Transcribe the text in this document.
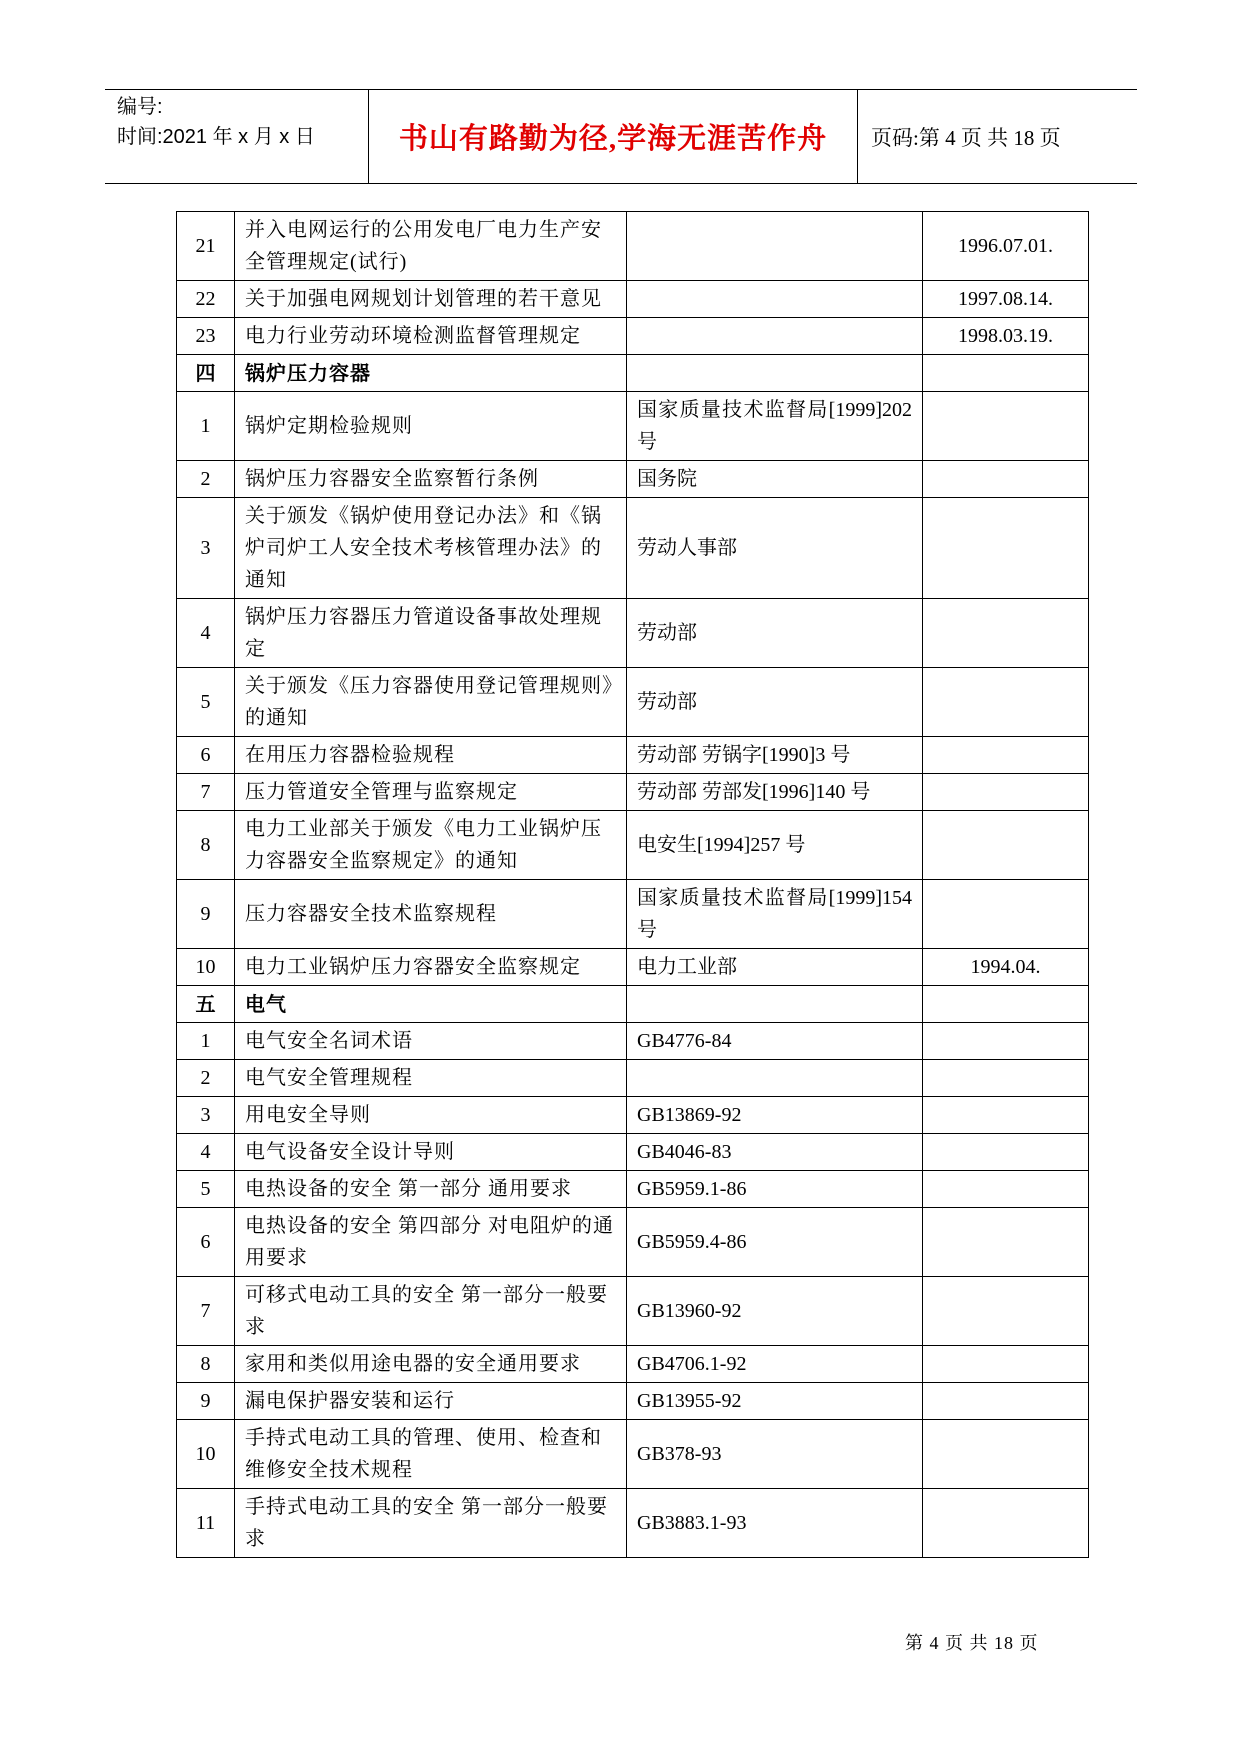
编号:
时间:2021 年 x 月 x 日	书山有路勤为径,学海无涯苦作舟	页码:第 4 页 共 18 页
21	并入电网运行的公用发电厂电力生产安全管理规定(试行)		1996.07.01.
22	关于加强电网规划计划管理的若干意见		1997.08.14.
23	电力行业劳动环境检测监督管理规定		1998.03.19.
四	锅炉压力容器		
1	锅炉定期检验规则	国家质量技术监督局[1999]202 号	
2	锅炉压力容器安全监察暂行条例	国务院	
3	关于颁发《锅炉使用登记办法》和《锅炉司炉工人安全技术考核管理办法》的通知	劳动人事部	
4	锅炉压力容器压力管道设备事故处理规定	劳动部	
5	关于颁发《压力容器使用登记管理规则》的通知	劳动部	
6	在用压力容器检验规程	劳动部 劳锅字[1990]3 号	
7	压力管道安全管理与监察规定	劳动部 劳部发[1996]140 号	
8	电力工业部关于颁发《电力工业锅炉压力容器安全监察规定》的通知	电安生[1994]257 号	
9	压力容器安全技术监察规程	国家质量技术监督局[1999]154 号	
10	电力工业锅炉压力容器安全监察规定	电力工业部	1994.04.
五	电气		
1	电气安全名词术语	GB4776-84	
2	电气安全管理规程		
3	用电安全导则	GB13869-92	
4	电气设备安全设计导则	GB4046-83	
5	电热设备的安全 第一部分 通用要求	GB5959.1-86	
6	电热设备的安全 第四部分 对电阻炉的通用要求	GB5959.4-86	
7	可移式电动工具的安全 第一部分一般要求	GB13960-92	
8	家用和类似用途电器的安全通用要求	GB4706.1-92	
9	漏电保护器安装和运行	GB13955-92	
10	手持式电动工具的管理、使用、检查和维修安全技术规程	GB378-93	
11	手持式电动工具的安全 第一部分一般要求	GB3883.1-93	
第 4 页 共 18 页
